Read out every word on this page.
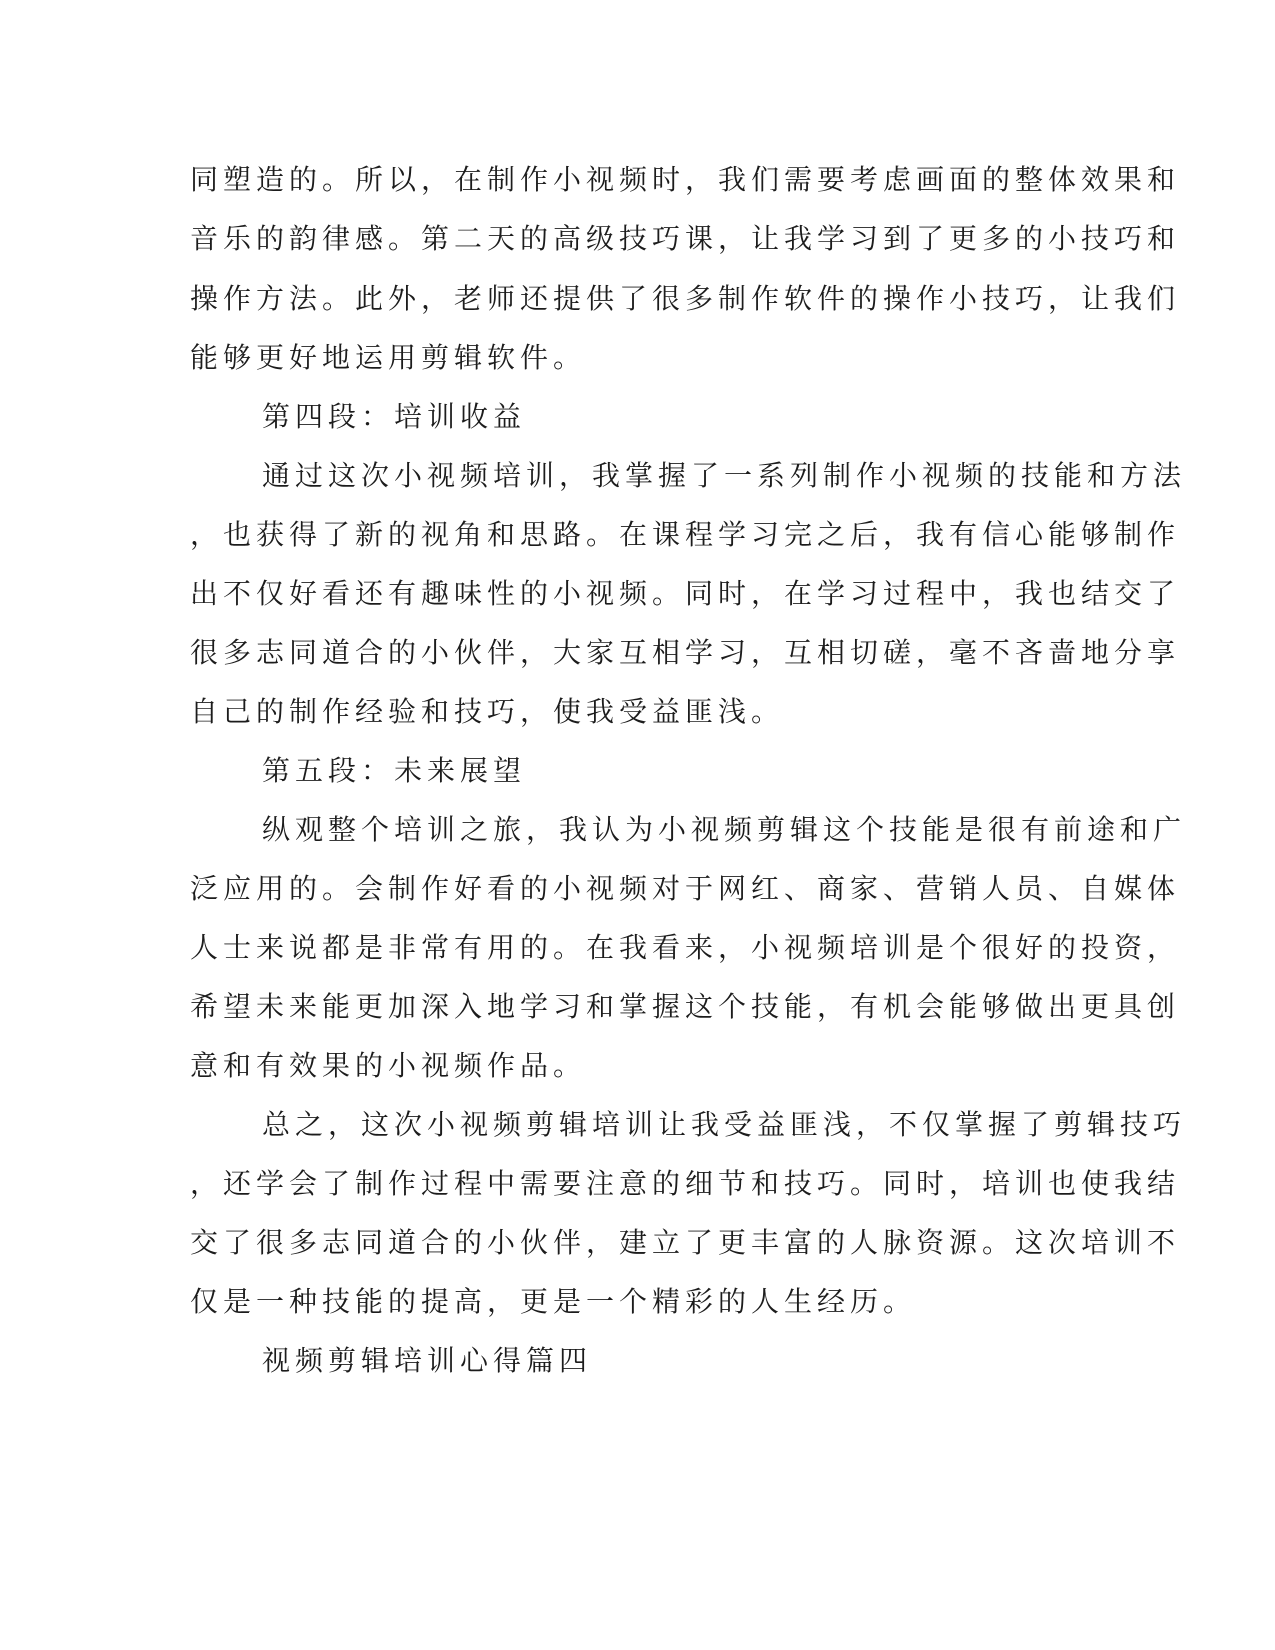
同塑造的。所以，在制作小视频时，我们需要考虑画面的整体效果和
音乐的韵律感。第二天的高级技巧课，让我学习到了更多的小技巧和
操作方法。此外，老师还提供了很多制作软件的操作小技巧，让我们
能够更好地运用剪辑软件。
第四段：培训收益
通过这次小视频培训，我掌握了一系列制作小视频的技能和方法
，也获得了新的视角和思路。在课程学习完之后，我有信心能够制作
出不仅好看还有趣味性的小视频。同时，在学习过程中，我也结交了
很多志同道合的小伙伴，大家互相学习，互相切磋，毫不吝啬地分享
自己的制作经验和技巧，使我受益匪浅。
第五段：未来展望
纵观整个培训之旅，我认为小视频剪辑这个技能是很有前途和广
泛应用的。会制作好看的小视频对于网红、商家、营销人员、自媒体
人士来说都是非常有用的。在我看来，小视频培训是个很好的投资，
希望未来能更加深入地学习和掌握这个技能，有机会能够做出更具创
意和有效果的小视频作品。
总之，这次小视频剪辑培训让我受益匪浅，不仅掌握了剪辑技巧
，还学会了制作过程中需要注意的细节和技巧。同时，培训也使我结
交了很多志同道合的小伙伴，建立了更丰富的人脉资源。这次培训不
仅是一种技能的提高，更是一个精彩的人生经历。
视频剪辑培训心得篇四
